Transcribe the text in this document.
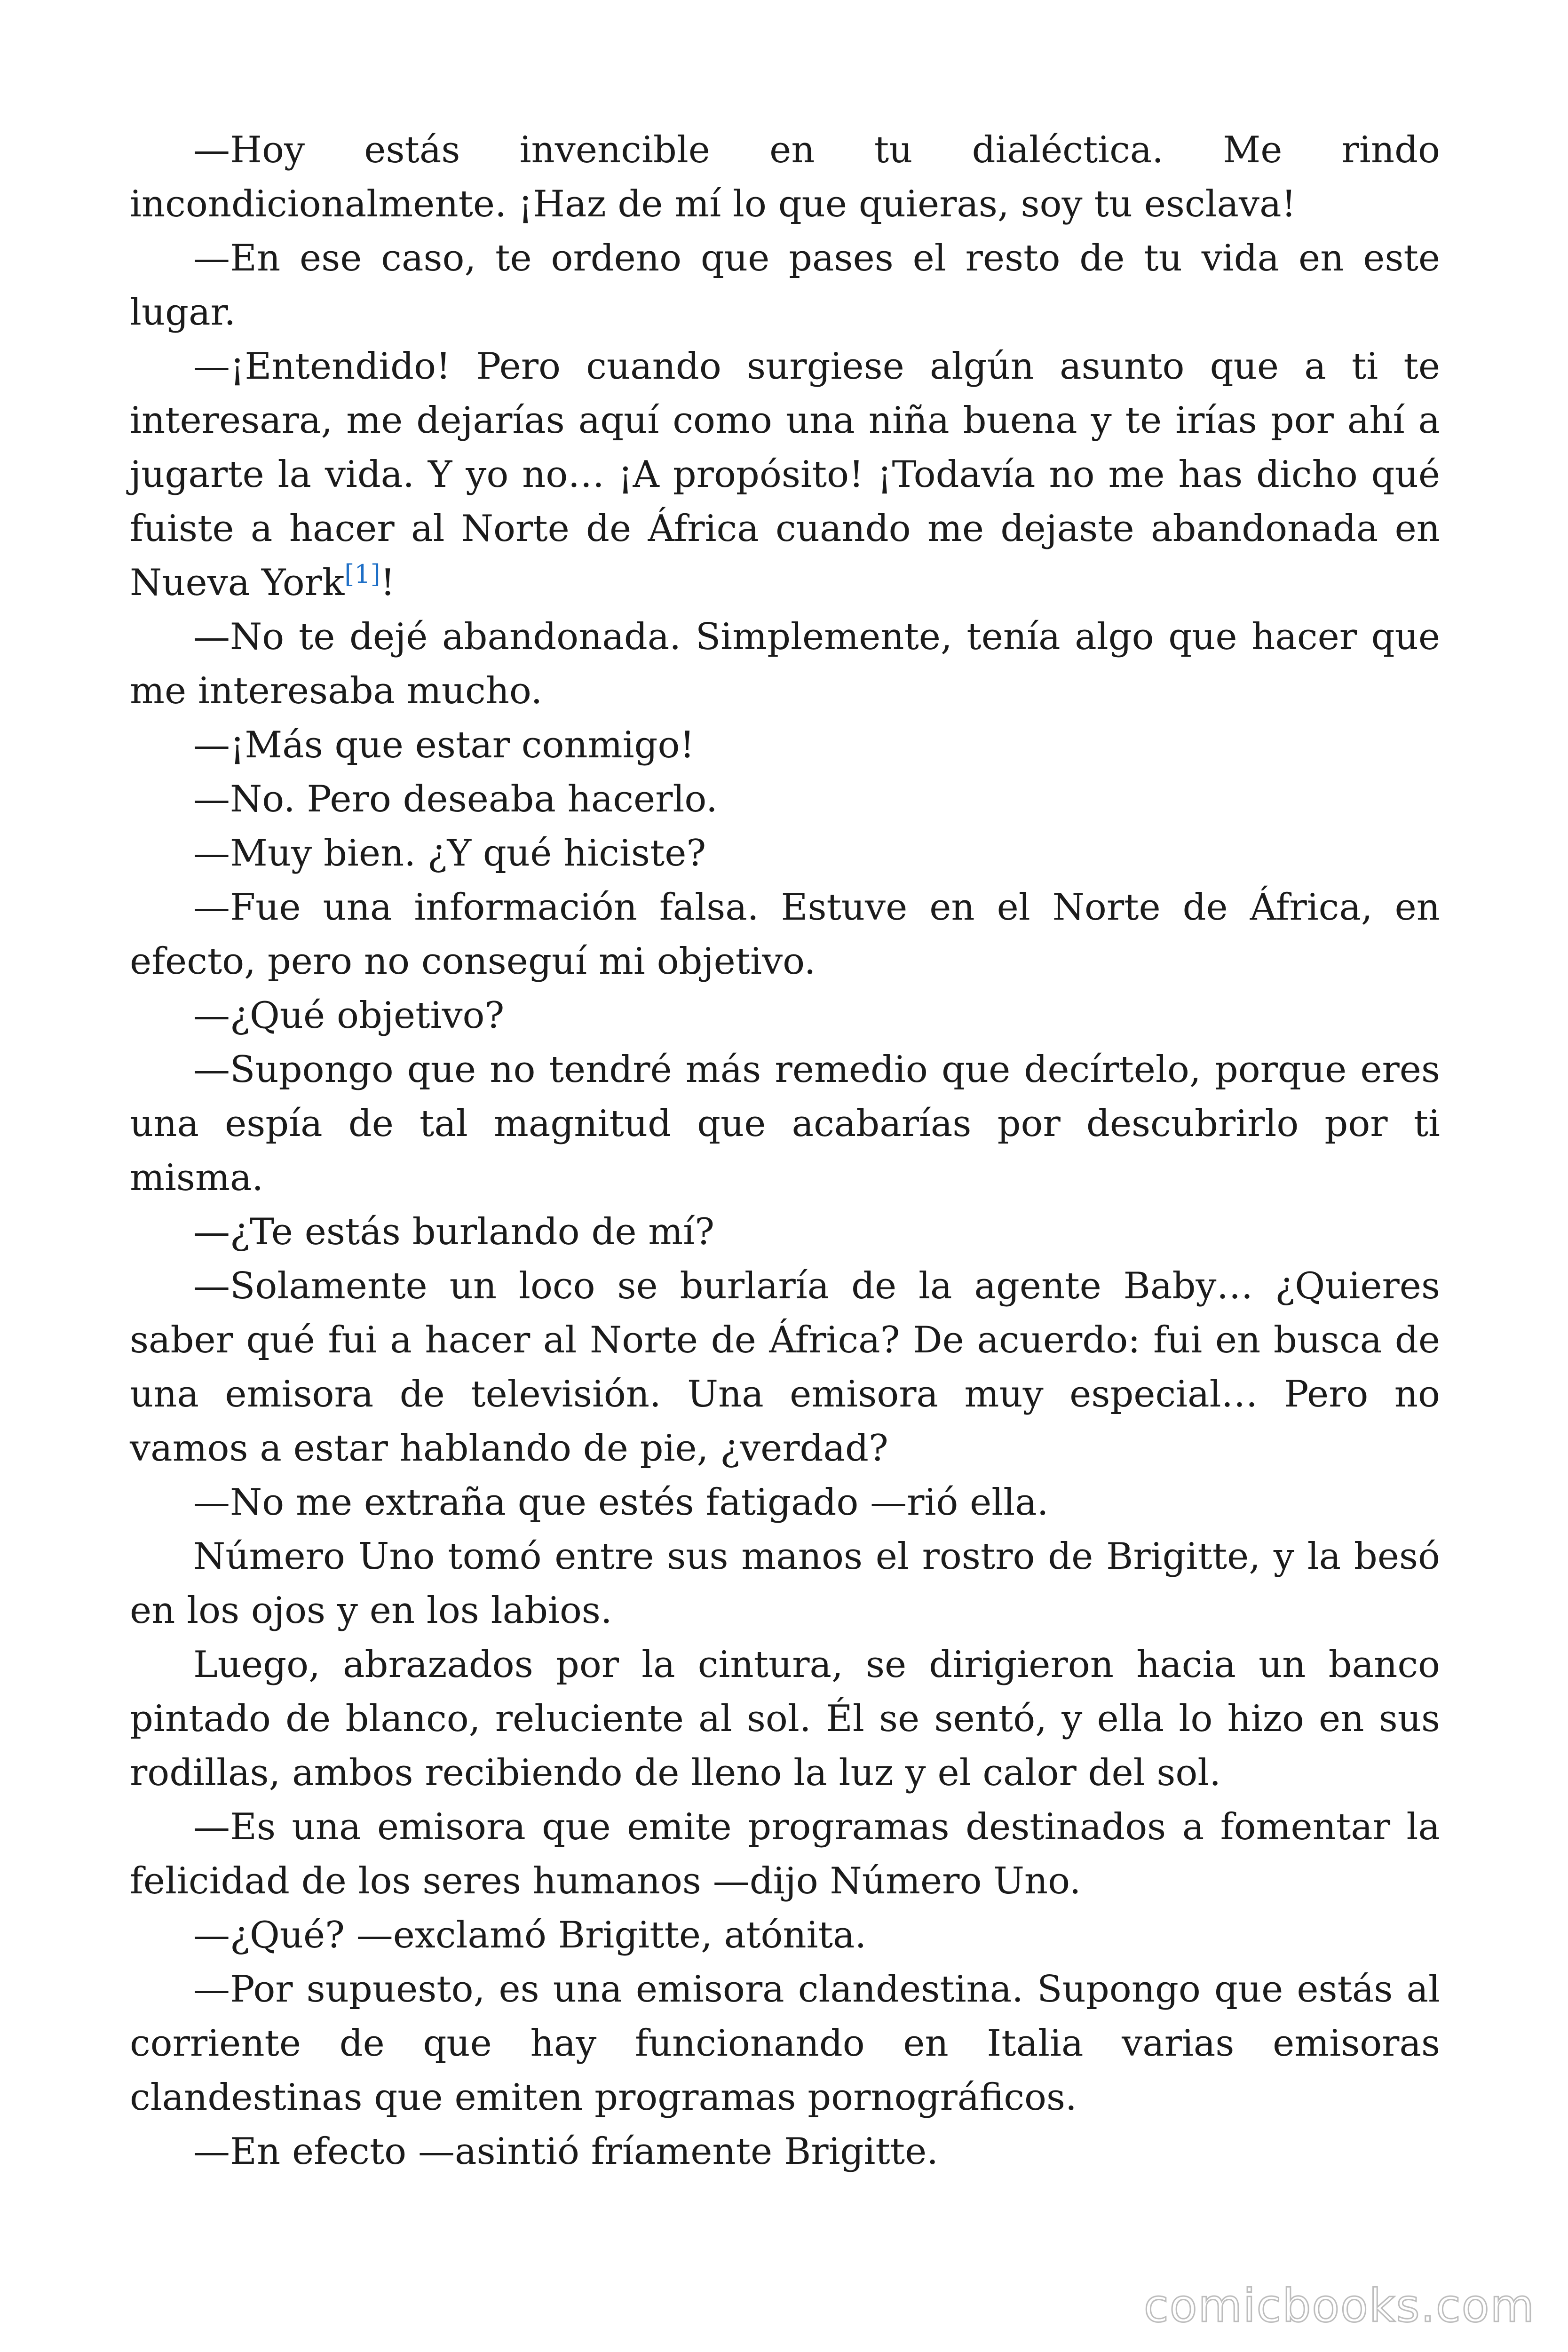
—Hoy estás invencible en tu dialéctica. Me rindo incondicionalmente. ¡Haz de mí lo que quieras, soy tu esclava!

—En ese caso, te ordeno que pases el resto de tu vida en este lugar.

—¡Entendido! Pero cuando surgiese algún asunto que a ti te interesara, me dejarías aquí como una niña buena y te irías por ahí a jugarte la vida. Y yo no… ¡A propósito! ¡Todavía no me has dicho qué fuiste a hacer al Norte de África cuando me dejaste abandonada en Nueva York[1]!

—No te dejé abandonada. Simplemente, tenía algo que hacer que me interesaba mucho.

—¡Más que estar conmigo!

—No. Pero deseaba hacerlo.

—Muy bien. ¿Y qué hiciste?

—Fue una información falsa. Estuve en el Norte de África, en efecto, pero no conseguí mi objetivo.

—¿Qué objetivo?

—Supongo que no tendré más remedio que decírtelo, porque eres una espía de tal magnitud que acabarías por descubrirlo por ti misma.

—¿Te estás burlando de mí?

—Solamente un loco se burlaría de la agente Baby… ¿Quieres saber qué fui a hacer al Norte de África? De acuerdo: fui en busca de una emisora de televisión. Una emisora muy especial… Pero no vamos a estar hablando de pie, ¿verdad?

—No me extraña que estés fatigado —rió ella.

Número Uno tomó entre sus manos el rostro de Brigitte, y la besó en los ojos y en los labios.

Luego, abrazados por la cintura, se dirigieron hacia un banco pintado de blanco, reluciente al sol. Él se sentó, y ella lo hizo en sus rodillas, ambos recibiendo de lleno la luz y el calor del sol.

—Es una emisora que emite programas destinados a fomentar la felicidad de los seres humanos —dijo Número Uno.

—¿Qué? —exclamó Brigitte, atónita.

—Por supuesto, es una emisora clandestina. Supongo que estás al corriente de que hay funcionando en Italia varias emisoras clandestinas que emiten programas pornográficos.

—En efecto —asintió fríamente Brigitte.

comicbooks.com
